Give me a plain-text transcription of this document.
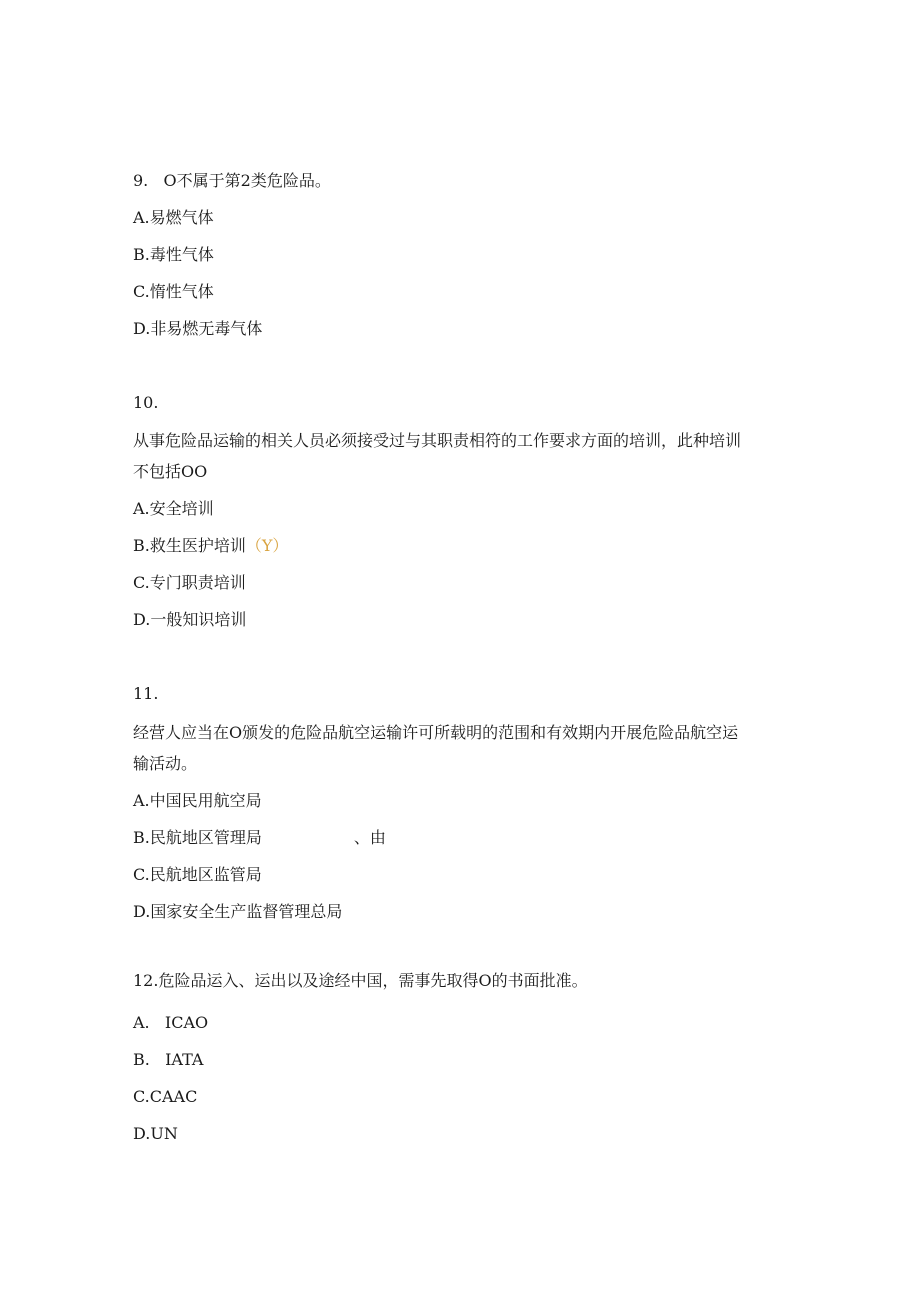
9. O不属于第2类危险品。
A.易燃气体
B.毒性气体
C.惰性气体
D.非易燃无毒气体
10.
从事危险品运输的相关人员必须接受过与其职责相符的工作要求方面的培训，此种培训
不包括OO
A.安全培训
B.救生医护培训（Y）
C.专门职责培训
D.一般知识培训
11.
经营人应当在O颁发的危险品航空运输许可所载明的范围和有效期内开展危险品航空运
输活动。
A.中国民用航空局
B.民航地区管理局	、由
C.民航地区监管局
D.国家安全生产监督管理总局
12.危险品运入、运出以及途经中国，需事先取得O的书面批准。
A.   ICAO
B.   IATA
C.CAAC
D.UN
